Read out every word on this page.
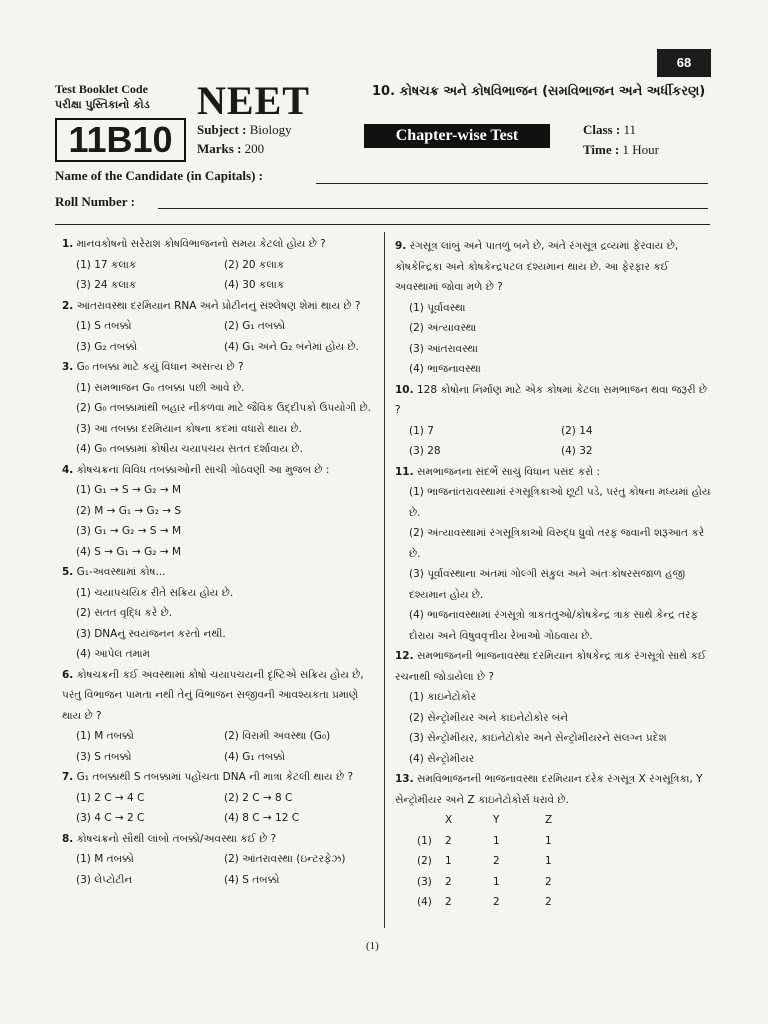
68
Test Booklet Code
પરીક્ષા પુસ્તિકાનો કોડ NEET	10. કોષચક્ર અને કોષવિભાજન (સમવિભાજન અને અર્ધીકરણ)
11B10	Subject : Biology
Marks : 200
Chapter-wise Test	Class : 11
Time : 1 Hour
Name of the Candidate (in Capitals) :
Roll Number :
1. માનવકોષનો સરેરાશ કોષવિભાજનનો સમય કેટલો હોય છે ?
(1) 17 કલાક	(2) 20 કલાક
(3) 24 કલાક	(4) 30 કલાક
2. આંતરાવસ્થા દરમિયાન RNA અને પ્રોટીનનું સંશ્લેષણ શેમાં થાય છે ?
(1) S તબક્કો	(2) G₁ તબક્કો
(3) G₂ તબક્કો	(4) G₁ અને G₂ બંનેમાં હોય છે.
3. G₀ તબક્કા માટે કયું વિધાન અસત્ય છે ?
(1) સમભાજન G₀ તબક્કા પછી આવે છે.
(2) G₀ તબક્કામાંથી બહાર નીકળવા માટે જૈવિક ઉદ્દીપકો ઉપયોગી છે.
(3) આ તબક્કા દરમિયાન કોષના કદમાં વધારો થાય છે.
(4) G₀ તબક્કામાં કોષીય ચયાપચય સતત દર્શાવાય છે.
4. કોષચક્રના વિવિધ તબક્કાઓની સાચી ગોઠવણી આ મુજબ છે :
(1) G₁ → S → G₂ → M
(2) M → G₁ → G₂ → S
(3) G₁ → G₂ → S → M
(4) S → G₁ → G₂ → M
5. G₁-અવસ્થામાં કોષ...
(1) ચયાપચયિક રીતે સક્રિય હોય છે.
(2) સતત વૃદ્ધિ કરે છે.
(3) DNAનું સ્વયંજનન કરતો નથી.
(4) આપેલ તમામ
6. કોષચક્રની કઈ અવસ્થામાં કોષો ચયાપચયની દૃષ્ટિએ સક્રિય હોય છે, પરંતુ વિભાજન પામતા નથી તેનું વિભાજન સજીવની આવશ્યકતા પ્રમાણે થાય છે ?
(1) M તબક્કો	(2) વિરામી અવસ્થા (G₀)
(3) S તબક્કો	(4) G₁ તબક્કો
7. G₁ તબક્કાથી S તબક્કામાં પહોંચતા DNA ની માત્રા કેટલી થાય છે ?
(1) 2 C → 4 C	(2) 2 C → 8 C
(3) 4 C → 2 C	(4) 8 C → 12 C
8. કોષચક્રનો સૌથી લાંબો તબક્કો/અવસ્થા કઈ છે ?
(1) M તબક્કો	(2) આંતરાવસ્થા (ઇન્ટરફેઝ)
(3) લેપ્ટોટીન	(4) S તબક્કો
9. રંગસૂત્ર લાંબું અને પાતળું બને છે, અંતે રંગસૂત્ર દ્રવ્યમાં ફેરવાય છે, કોષકેન્દ્રિકા અને કોષકેન્દ્રપટલ દશ્યમાન થાય છે. આ ફેરફાર કઈ અવસ્થામાં જોવા મળે છે ?
(1) પૂર્વાવસ્થા
(2) અંત્યાવસ્થા
(3) આંતરાવસ્થા
(4) ભાજનાવસ્થા
10. 128 કોષોના નિર્માણ માટે એક કોષમાં કેટલા સમભાજન થવા જરૂરી છે ?
(1) 7	(2) 14
(3) 28	(4) 32
11. સમભાજનના સંદર્ભે સાચું વિધાન પસંદ કરો :
(1) ભાજનાંતરાવસ્થામાં રંગસૂત્રિકાઓ છૂટી પડે, પરંતુ કોષના મધ્યમાં હોય છે.
(2) અંત્યાવસ્થામાં રંગસૂત્રિકાઓ વિરુદ્ધ ધ્રુવો તરફ જવાની શરૂઆત કરે છે.
(3) પૂર્વાવસ્થાના અંતમાં ગોલ્ગી સંકુલ અને અંતઃકોષરસજાળ હજી દશ્યમાન હોય છે.
(4) ભાજનાવસ્થામાં રંગસૂત્રો ત્રાકતંતુઓ/કોષકેન્દ્ર ત્રાક સાથે કેન્દ્ર તરફ દોરાય અને વિષુવવૃત્તીય રેખાઓ ગોઠવાય છે.
12. સમભાજનની ભાજનાવસ્થા દરમિયાન કોષકેન્દ્ર ત્રાક રંગસૂત્રો સાથે કઈ રચનાથી જોડાયેલા છે ?
(1) કાઇનેટોકોર
(2) સેન્ટ્રોમીયર અને કાઇનેટોકોર બંને
(3) સેન્ટ્રોમીયર, કાઇનેટોકોર અને સેન્ટ્રોમીયરને સંલગ્ન પ્રદેશ
(4) સેન્ટ્રોમીયર
13. સમવિભાજનની ભાજનાવસ્થા દરમિયાન દરેક રંગસૂત્ર X રંગસૂત્રિકા, Y સેન્ટ્રોમીયર અને Z કાઇનેટોકોર્સ ધરાવે છે.
X	Y	Z
(1)	2	1	1
(2)	1	2	1
(3)	2	1	2
(4)	2	2	2
(1)
